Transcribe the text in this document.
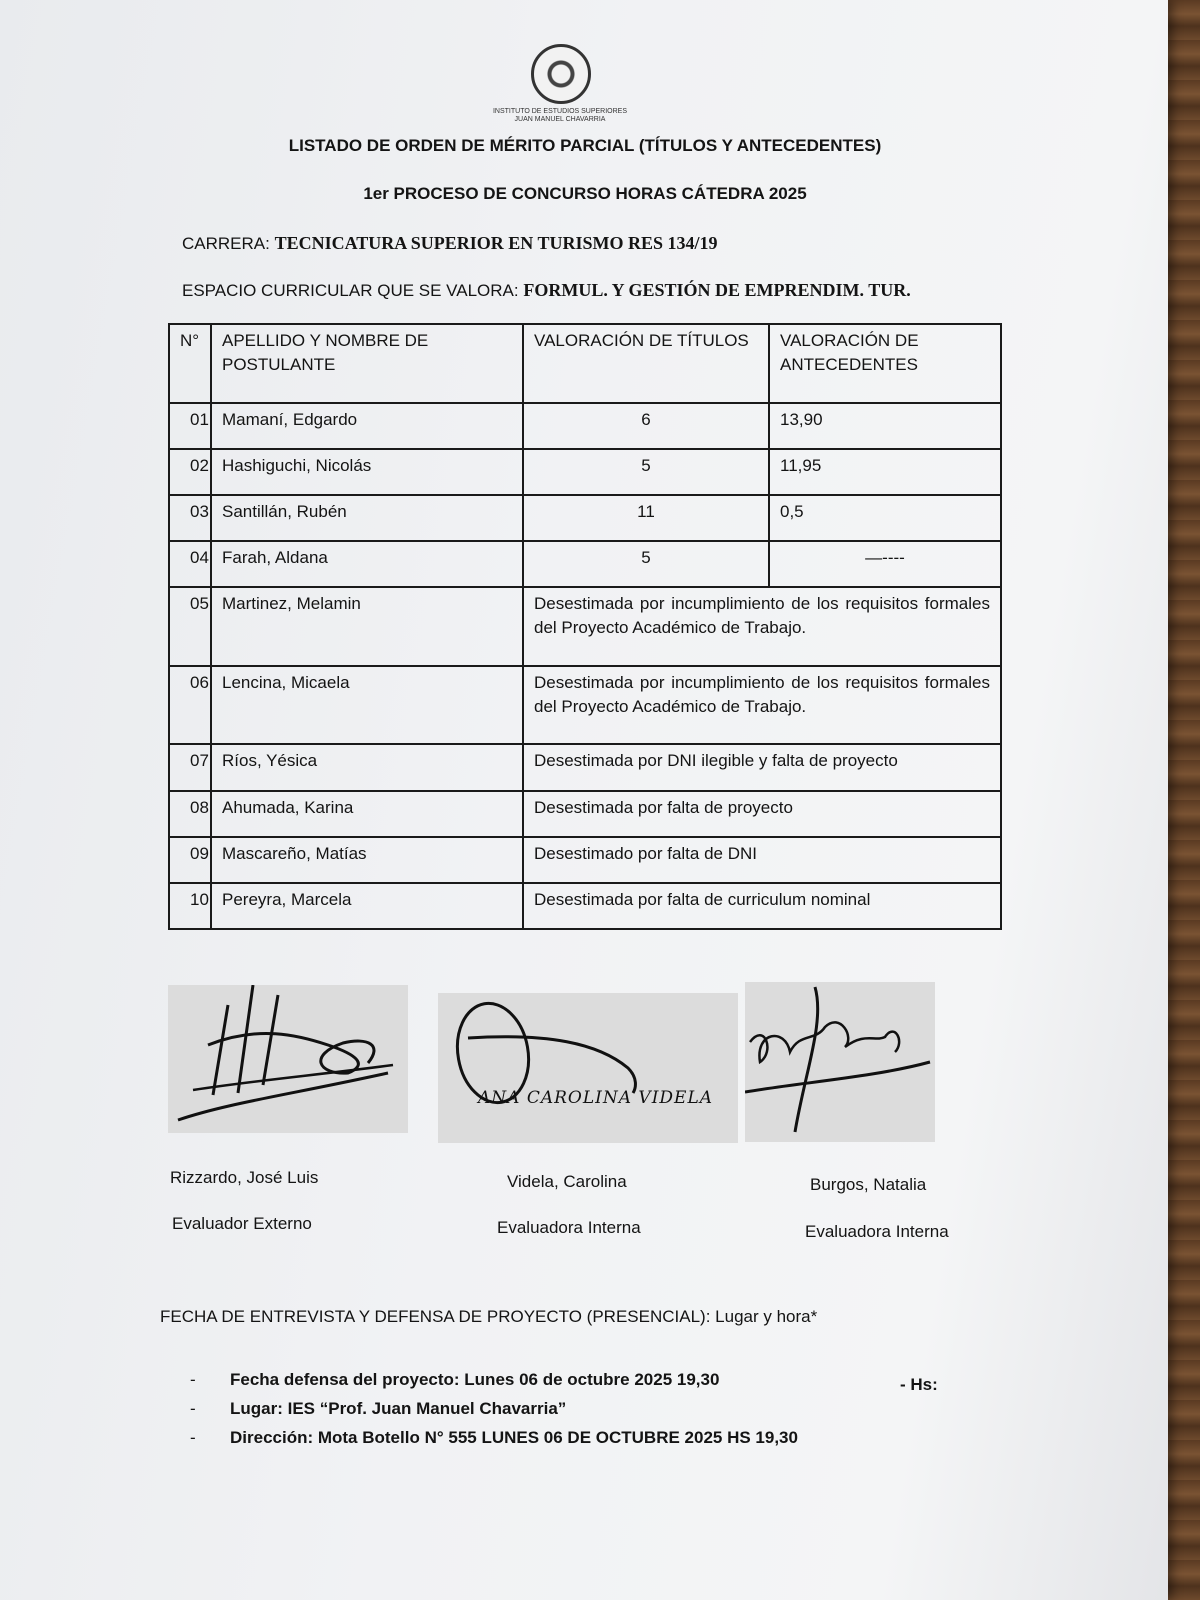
INSTITUTO DE ESTUDIOS SUPERIORES
JUAN MANUEL CHAVARRIA
LISTADO DE ORDEN DE MÉRITO PARCIAL (TÍTULOS Y ANTECEDENTES)
1er PROCESO DE CONCURSO HORAS CÁTEDRA 2025
CARRERA: TECNICATURA SUPERIOR EN TURISMO RES 134/19
ESPACIO CURRICULAR QUE SE VALORA: FORMUL. Y GESTIÓN DE EMPRENDIM. TUR.
N°	APELLIDO Y NOMBRE DE POSTULANTE	VALORACIÓN DE TÍTULOS	VALORACIÓN DE ANTECEDENTES
01	Mamaní, Edgardo	6	13,90
02	Hashiguchi, Nicolás	5	11,95
03	Santillán, Rubén	11	0,5
04	Farah, Aldana	5	—----
05	Martinez, Melamin	Desestimada por incumplimiento de los requisitos formales del Proyecto Académico de Trabajo.	
06	Lencina, Micaela	Desestimada por incumplimiento de los requisitos formales del Proyecto Académico de Trabajo.	
07	Ríos, Yésica	Desestimada por DNI ilegible y falta de proyecto	
08	Ahumada, Karina	Desestimada por falta de proyecto	
09	Mascareño, Matías	Desestimado por falta de DNI	
10	Pereyra, Marcela	Desestimada por falta de curriculum nominal	
ANA CAROLINA VIDELA
Rizzardo, José Luis
Evaluador Externo
Videla, Carolina
Evaluadora Interna
Burgos, Natalia
Evaluadora Interna
FECHA DE ENTREVISTA Y DEFENSA DE PROYECTO (PRESENCIAL): Lugar y hora*
- Fecha defensa del proyecto: Lunes 06 de octubre 2025 19,30
- Lugar: IES “Prof. Juan Manuel Chavarria”
- Dirección: Mota Botello N° 555 LUNES 06 DE OCTUBRE 2025 HS 19,30
- Hs:
